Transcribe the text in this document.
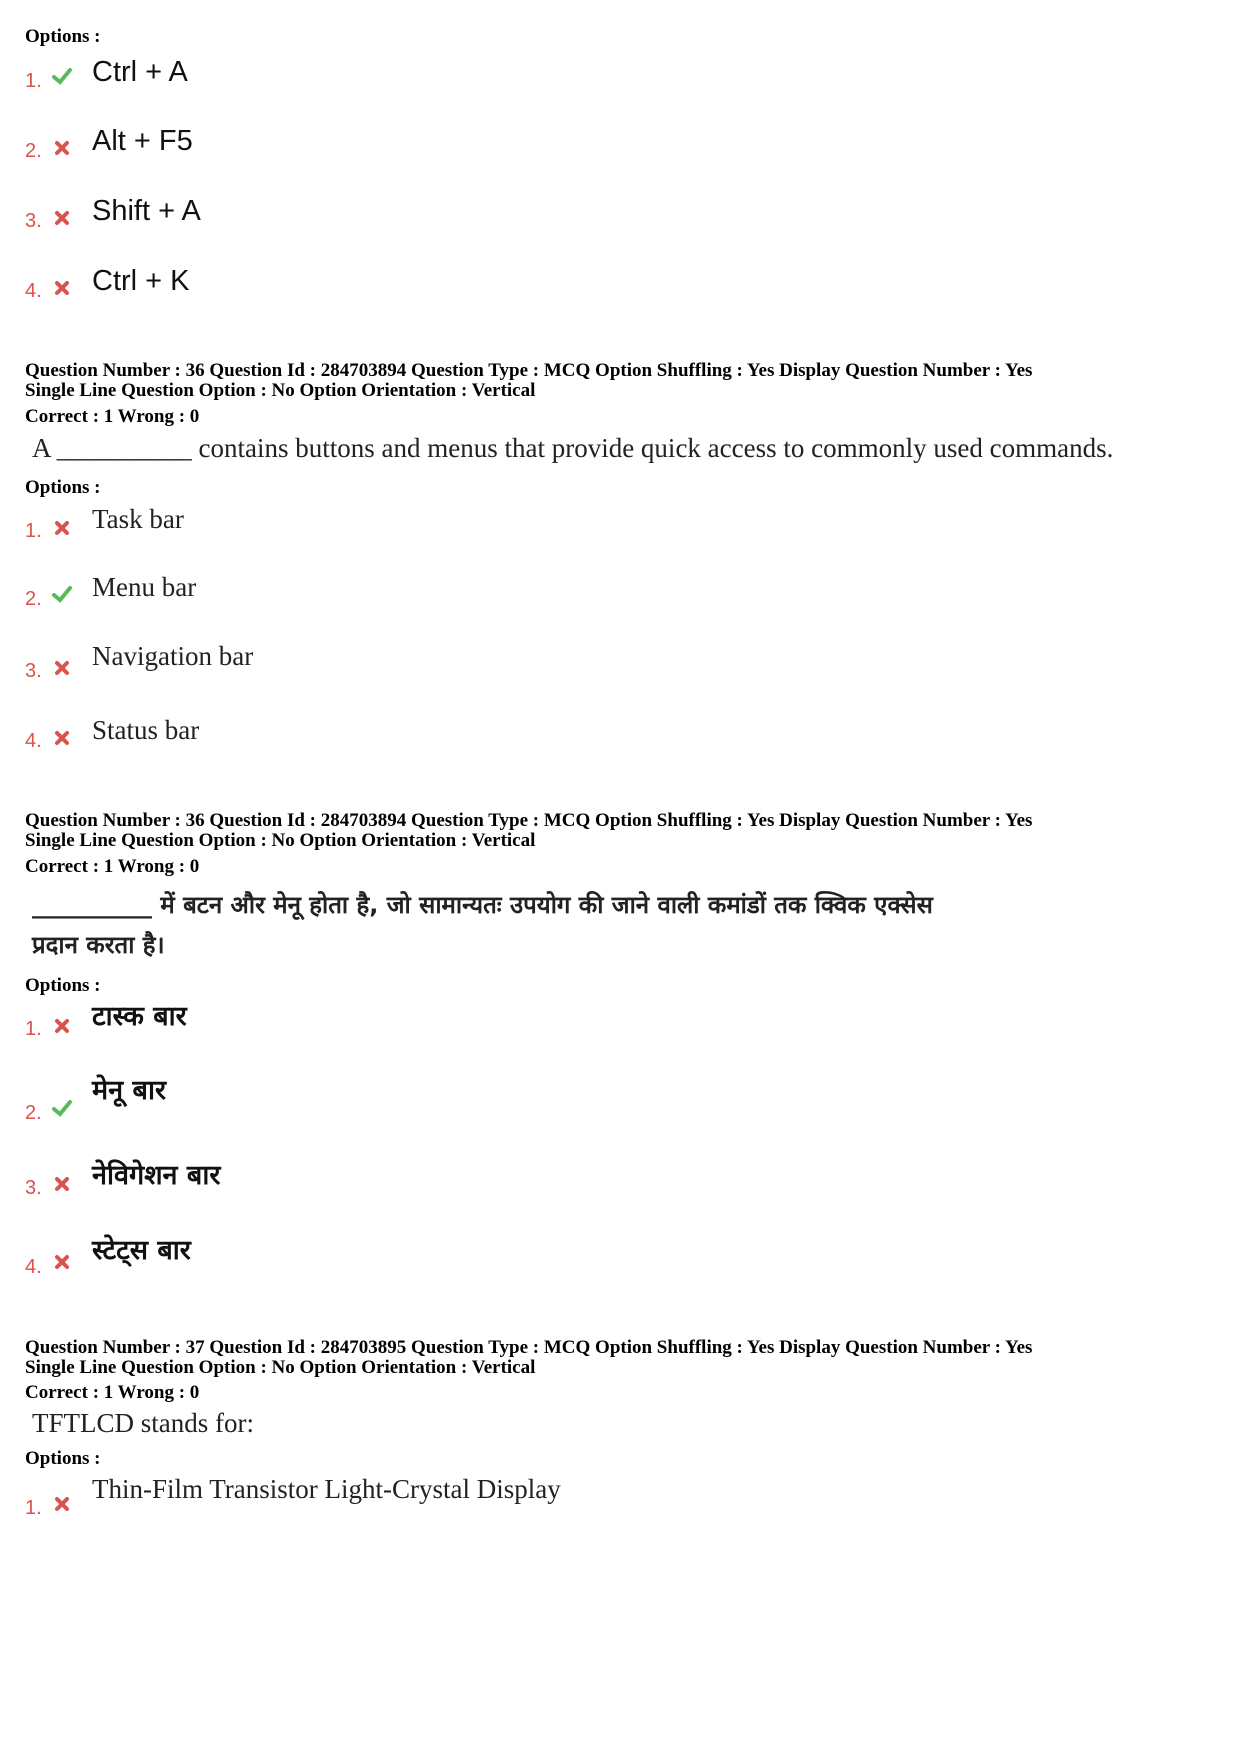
Options :
1. Ctrl + A
2. Alt + F5
3. Shift + A
4. Ctrl + K
Question Number : 36 Question Id : 284703894 Question Type : MCQ Option Shuffling : Yes Display Question Number : Yes
Single Line Question Option : No Option Orientation : Vertical
Correct : 1 Wrong : 0
A __________ contains buttons and menus that provide quick access to commonly used commands.
Options :
1. Task bar
2. Menu bar
3. Navigation bar
4. Status bar
Question Number : 36 Question Id : 284703894 Question Type : MCQ Option Shuffling : Yes Display Question Number : Yes
Single Line Question Option : No Option Orientation : Vertical
Correct : 1 Wrong : 0
__________ में बटन और मेनू होता है, जो सामान्यतः उपयोग की जाने वाली कमांडों तक क्विक एक्सेस
प्रदान करता है।
Options :
1. टास्क बार
2.
मेनू बार
3. नेविगेशन बार
4.
स्टेट्स बार
Question Number : 37 Question Id : 284703895 Question Type : MCQ Option Shuffling : Yes Display Question Number : Yes
Single Line Question Option : No Option Orientation : Vertical
Correct : 1 Wrong : 0
TFTLCD stands for:
Options :
1.
Thin-Film Transistor Light-Crystal Display
